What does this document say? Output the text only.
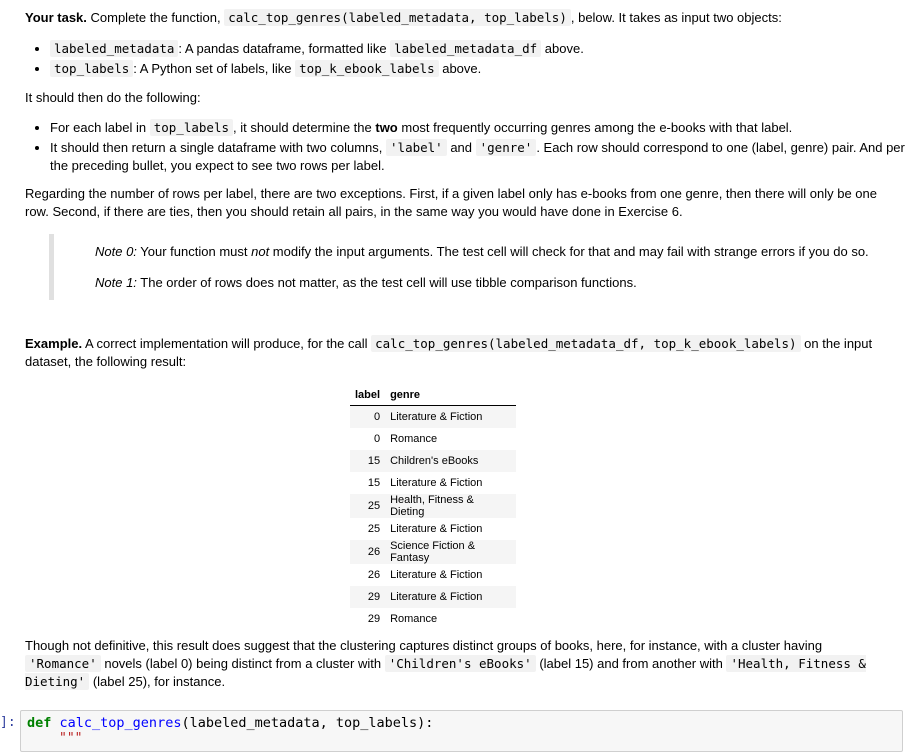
Your task. Complete the function, calc_top_genres(labeled_metadata, top_labels) , below. It takes as input two objects:

• labeled_metadata : A pandas dataframe, formatted like labeled_metadata_df above.
• top_labels : A Python set of labels, like top_k_ebook_labels above.

It should then do the following:

• For each label in top_labels , it should determine the two most frequently occurring genres among the e-books with that label.
• It should then return a single dataframe with two columns, 'label' and 'genre' . Each row should correspond to one (label, genre) pair. And per the preceding bullet, you expect to see two rows per label.

Regarding the number of rows per label, there are two exceptions. First, if a given label only has e-books from one genre, then there will only be one row. Second, if there are ties, then you should retain all pairs, in the same way you would have done in Exercise 6.

Note 0: Your function must not modify the input arguments. The test cell will check for that and may fail with strange errors if you do so.

Note 1: The order of rows does not matter, as the test cell will use tibble comparison functions.

Example. A correct implementation will produce, for the call calc_top_genres(labeled_metadata_df, top_k_ebook_labels) on the input dataset, the following result:

Though not definitive, this result does suggest that the clustering captures distinct groups of books, here, for instance, with a cluster having 'Romance' novels (label 0) being distinct from a cluster with 'Children's eBooks' (label 15) and from another with 'Health, Fitness & Dieting' (label 25), for instance.

label	genre
0	Literature & Fiction
0	Romance
15	Children's eBooks
15	Literature & Fiction
25	Health, Fitness & Dieting
25	Literature & Fiction
26	Science Fiction & Fantasy
26	Literature & Fiction
29	Literature & Fiction
29	Romance
]: def calc_top_genres(labeled_metadata, top_labels):
"""
